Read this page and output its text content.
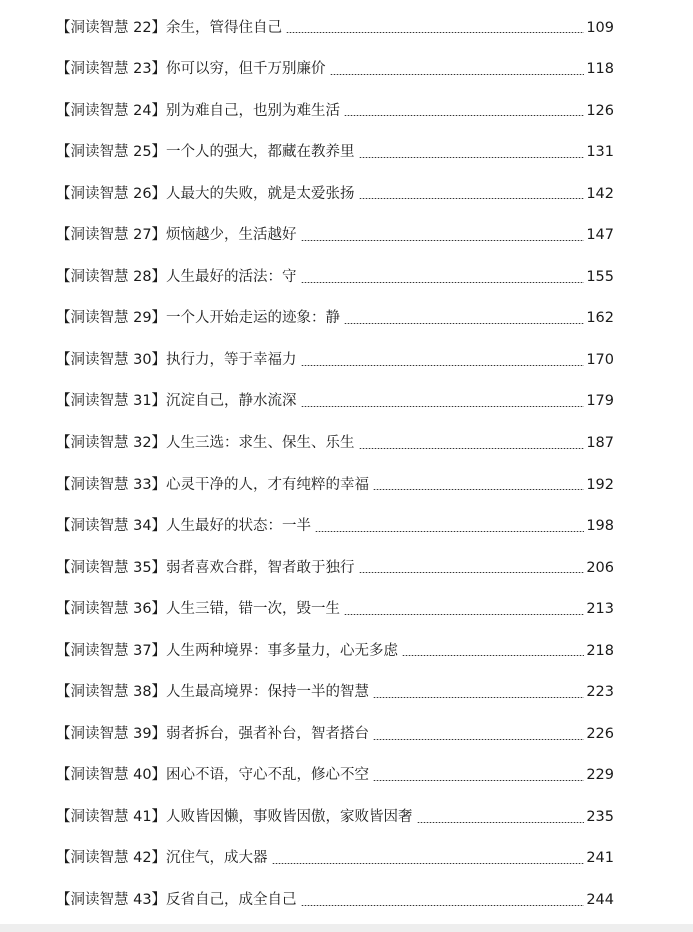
【洞读智慧 22】余生，管得住自己	109
【洞读智慧 23】你可以穷，但千万别廉价	118
【洞读智慧 24】别为难自己，也别为难生活	126
【洞读智慧 25】一个人的强大，都藏在教养里	131
【洞读智慧 26】人最大的失败，就是太爱张扬	142
【洞读智慧 27】烦恼越少，生活越好	147
【洞读智慧 28】人生最好的活法：守	155
【洞读智慧 29】一个人开始走运的迹象：静	162
【洞读智慧 30】执行力，等于幸福力	170
【洞读智慧 31】沉淀自己，静水流深	179
【洞读智慧 32】人生三选：求生、保生、乐生	187
【洞读智慧 33】心灵干净的人，才有纯粹的幸福	192
【洞读智慧 34】人生最好的状态：一半	198
【洞读智慧 35】弱者喜欢合群，智者敢于独行	206
【洞读智慧 36】人生三错，错一次，毁一生	213
【洞读智慧 37】人生两种境界：事多量力，心无多虑	218
【洞读智慧 38】人生最高境界：保持一半的智慧	223
【洞读智慧 39】弱者拆台，强者补台，智者搭台	226
【洞读智慧 40】困心不语，守心不乱，修心不空	229
【洞读智慧 41】人败皆因懒，事败皆因傲，家败皆因奢	235
【洞读智慧 42】沉住气，成大器	241
【洞读智慧 43】反省自己，成全自己	244
